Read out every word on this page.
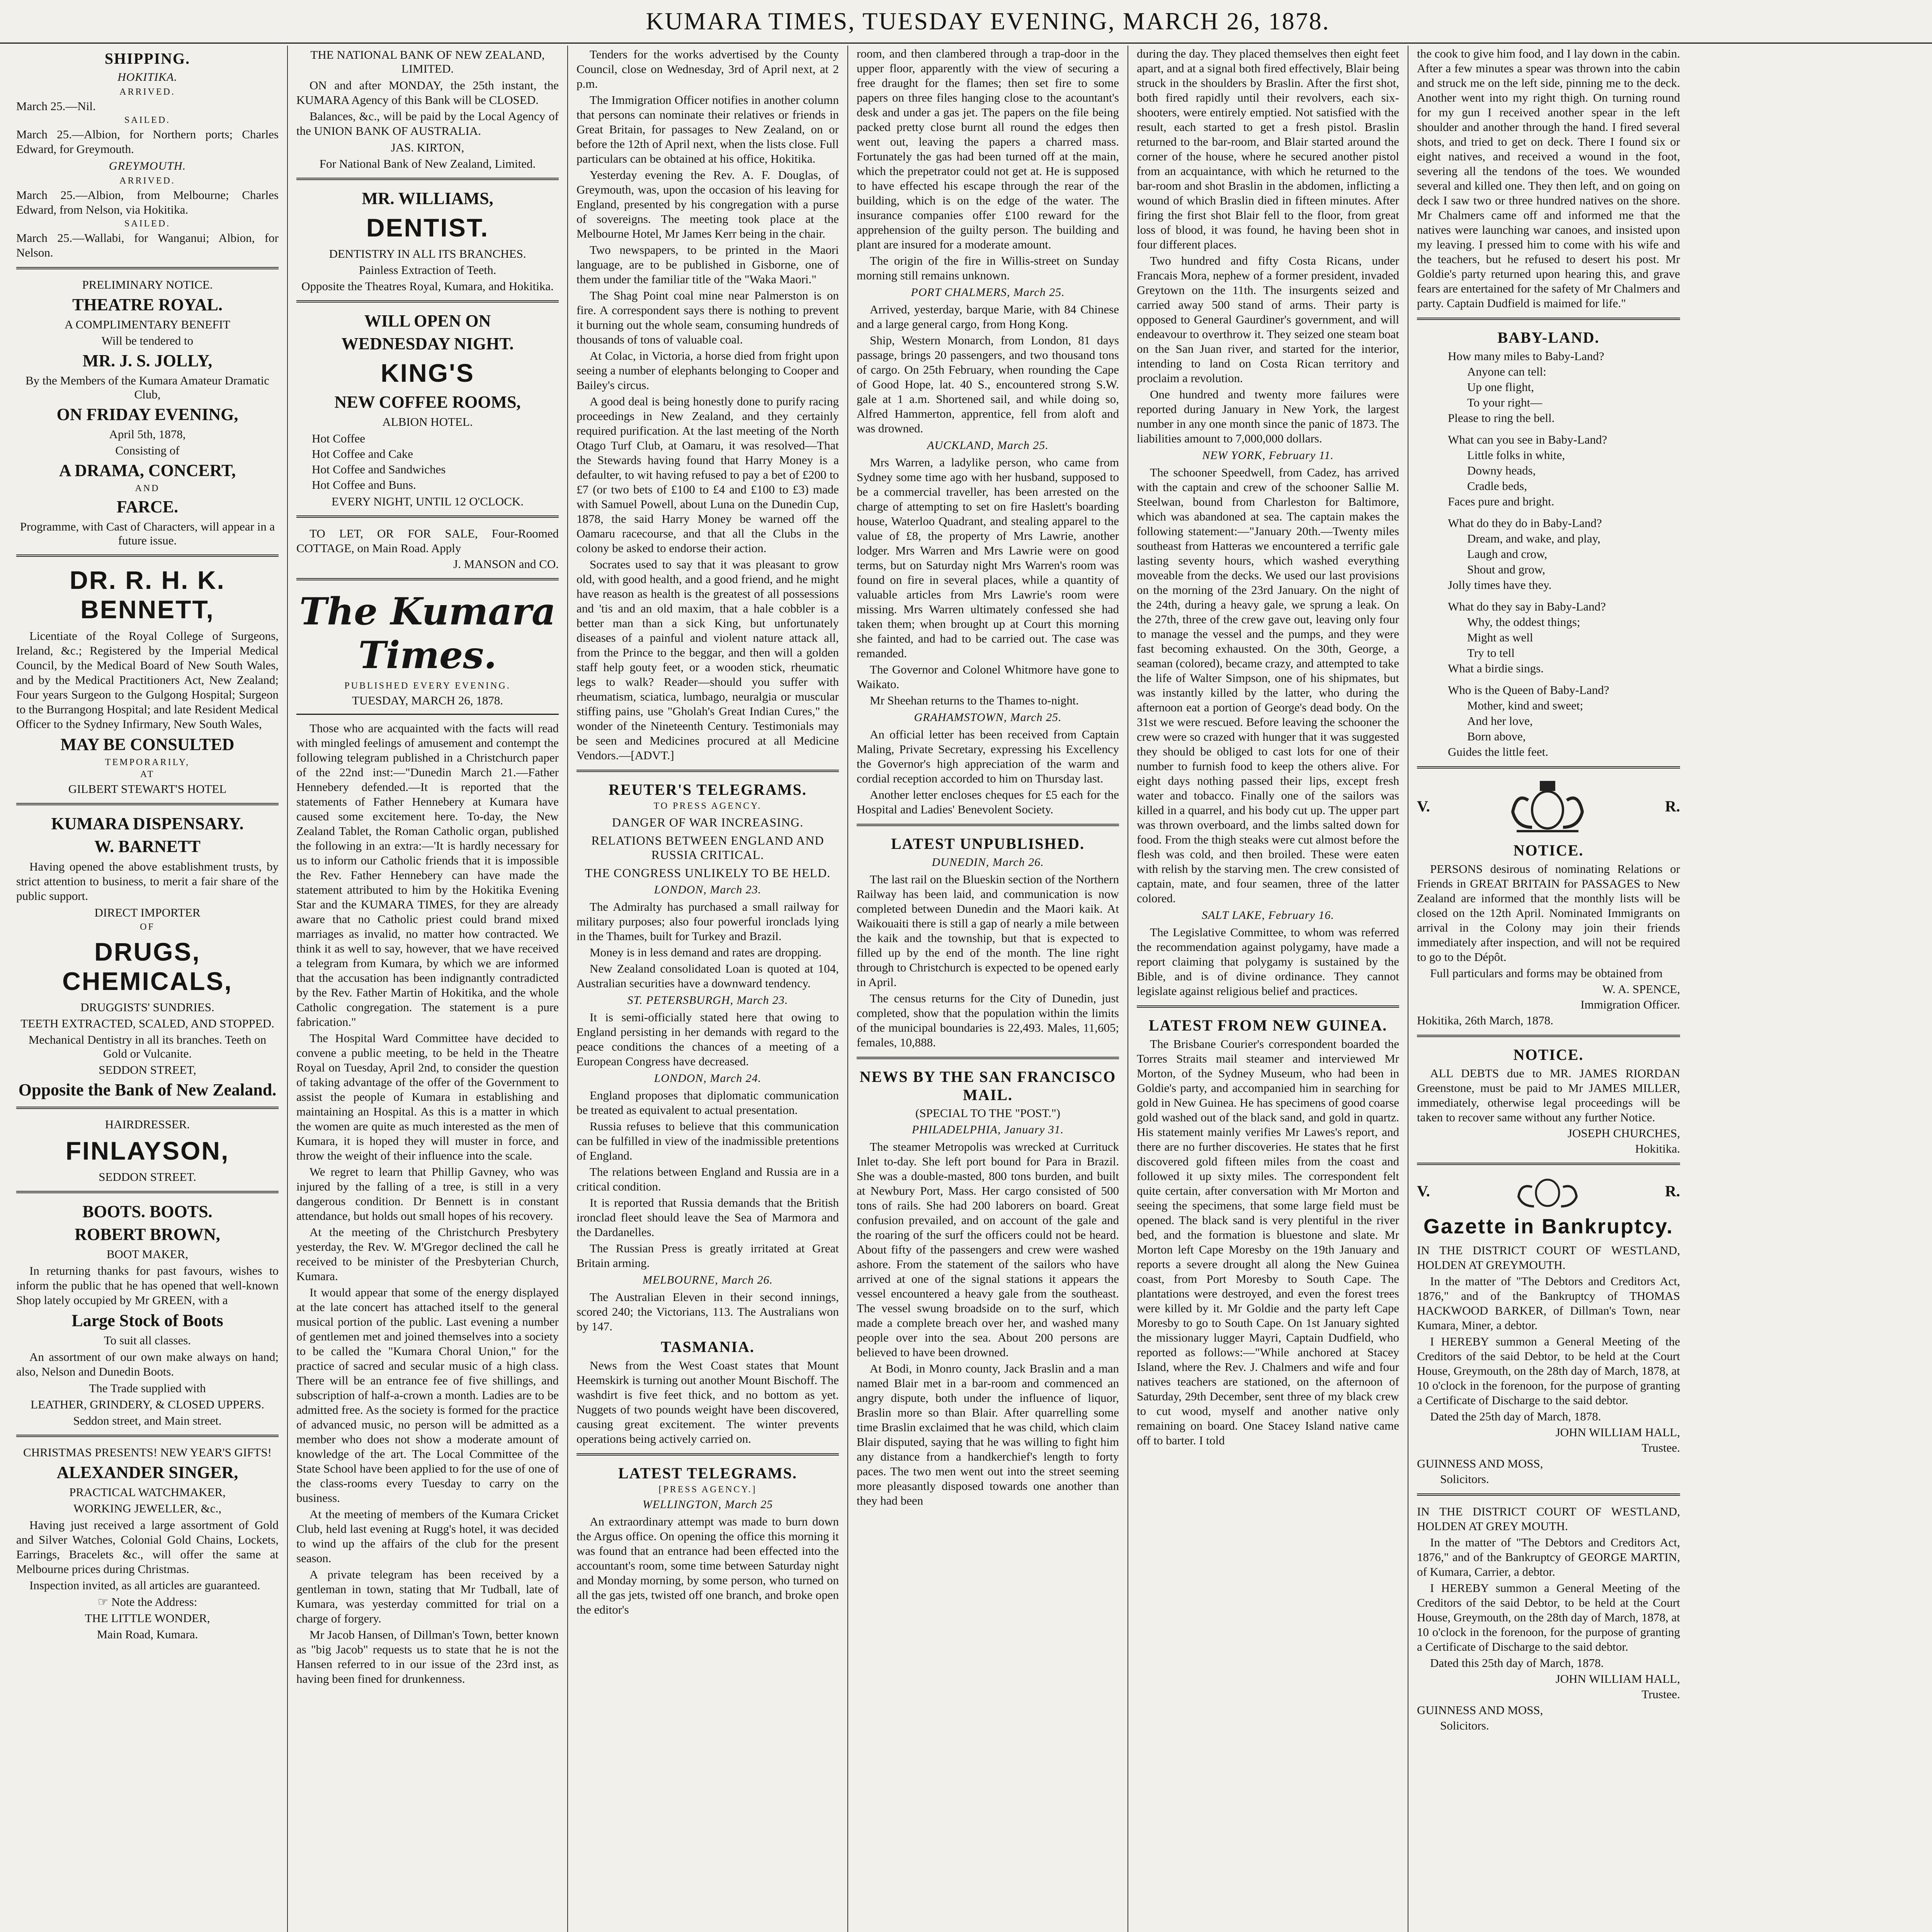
KUMARA TIMES, TUESDAY EVENING, MARCH 26, 1878.
SHIPPING.
HOKITIKA.
ARRIVED.
March 25.—Nil.
SAILED.
March 25.—Albion, for Northern ports; Charles Edward, for Greymouth.
GREYMOUTH.
ARRIVED.
March 25.—Albion, from Melbourne; Charles Edward, from Nelson, via Hokitika.
SAILED.
March 25.—Wallabi, for Wanganui; Albion, for Nelson.
PRELIMINARY NOTICE.
THEATRE ROYAL.
A COMPLIMENTARY BENEFIT
Will be tendered to
MR. J. S. JOLLY,
By the Members of the Kumara Amateur Dramatic Club,
ON FRIDAY EVENING,
April 5th, 1878,
Consisting of
A DRAMA, CONCERT,
AND
FARCE.
Programme, with Cast of Characters, will appear in a future issue.
DR. R. H. K. BENNETT,
Licentiate of the Royal College of Surgeons, Ireland, &c.; Registered by the Imperial Medical Council, by the Medical Board of New South Wales, and by the Medical Practitioners Act, New Zealand; Four years Surgeon to the Gulgong Hospital; Surgeon to the Burrangong Hospital; and late Resident Medical Officer to the Sydney Infirmary, New South Wales,
MAY BE CONSULTED
TEMPORARILY,
AT
GILBERT STEWART'S HOTEL
KUMARA DISPENSARY.
W. BARNETT
Having opened the above establishment trusts, by strict attention to business, to merit a fair share of the public support.
DIRECT IMPORTER
OF
DRUGS, CHEMICALS,
DRUGGISTS' SUNDRIES.
TEETH EXTRACTED, SCALED, AND STOPPED.
Mechanical Dentistry in all its branches. Teeth on Gold or Vulcanite.
SEDDON STREET,
Opposite the Bank of New Zealand.
HAIRDRESSER.
FINLAYSON,
SEDDON STREET.
BOOTS. BOOTS.
ROBERT BROWN,
BOOT MAKER,
In returning thanks for past favours, wishes to inform the public that he has opened that well-known Shop lately occupied by Mr GREEN, with a
Large Stock of Boots
To suit all classes.
An assortment of our own make always on hand; also, Nelson and Dunedin Boots.
The Trade supplied with
LEATHER, GRINDERY, & CLOSED UPPERS.
Seddon street, and Main street.
CHRISTMAS PRESENTS! NEW YEAR'S GIFTS!
ALEXANDER SINGER,
PRACTICAL WATCHMAKER,
WORKING JEWELLER, &c.,
Having just received a large assortment of Gold and Silver Watches, Colonial Gold Chains, Lockets, Earrings, Bracelets &c., will offer the same at Melbourne prices during Christmas.
Inspection invited, as all articles are guaranteed.
☞ Note the Address:
THE LITTLE WONDER,
Main Road, Kumara.
THE NATIONAL BANK OF NEW ZEALAND, LIMITED.
ON and after MONDAY, the 25th instant, the KUMARA Agency of this Bank will be CLOSED.
Balances, &c., will be paid by the Local Agency of the UNION BANK OF AUSTRALIA.
JAS. KIRTON,
For National Bank of New Zealand, Limited.
MR. WILLIAMS,
DENTIST.
DENTISTRY IN ALL ITS BRANCHES.
Painless Extraction of Teeth.
Opposite the Theatres Royal, Kumara, and Hokitika.
WILL OPEN ON
WEDNESDAY NIGHT.
KING'S
NEW COFFEE ROOMS,
ALBION HOTEL.
Hot Coffee
Hot Coffee and Cake
Hot Coffee and Sandwiches
Hot Coffee and Buns.
EVERY NIGHT, UNTIL 12 O'CLOCK.
TO LET, OR FOR SALE, Four-Roomed COTTAGE, on Main Road. Apply
J. MANSON and CO.
The Kumara Times.
PUBLISHED EVERY EVENING.
TUESDAY, MARCH 26, 1878.
Those who are acquainted with the facts will read with mingled feelings of amusement and contempt the following telegram published in a Christchurch paper of the 22nd inst:—"Dunedin March 21.—Father Hennebery defended.—It is reported that the statements of Father Hennebery at Kumara have caused some excitement here. To-day, the New Zealand Tablet, the Roman Catholic organ, published the following in an extra:—'It is hardly necessary for us to inform our Catholic friends that it is impossible the Rev. Father Hennebery can have made the statement attributed to him by the Hokitika Evening Star and the KUMARA TIMES, for they are already aware that no Catholic priest could brand mixed marriages as invalid, no matter how contracted. We think it as well to say, however, that we have received a telegram from Kumara, by which we are informed that the accusation has been indignantly contradicted by the Rev. Father Martin of Hokitika, and the whole Catholic congregation. The statement is a pure fabrication."
The Hospital Ward Committee have decided to convene a public meeting, to be held in the Theatre Royal on Tuesday, April 2nd, to consider the question of taking advantage of the offer of the Government to assist the people of Kumara in establishing and maintaining an Hospital. As this is a matter in which the women are quite as much interested as the men of Kumara, it is hoped they will muster in force, and throw the weight of their influence into the scale.
We regret to learn that Phillip Gavney, who was injured by the falling of a tree, is still in a very dangerous condition. Dr Bennett is in constant attendance, but holds out small hopes of his recovery.
At the meeting of the Christchurch Presbytery yesterday, the Rev. W. M'Gregor declined the call he received to be minister of the Presbyterian Church, Kumara.
It would appear that some of the energy displayed at the late concert has attached itself to the general musical portion of the public. Last evening a number of gentlemen met and joined themselves into a society to be called the "Kumara Choral Union," for the practice of sacred and secular music of a high class. There will be an entrance fee of five shillings, and subscription of half-a-crown a month. Ladies are to be admitted free. As the society is formed for the practice of advanced music, no person will be admitted as a member who does not show a moderate amount of knowledge of the art. The Local Committee of the State School have been applied to for the use of one of the class-rooms every Tuesday to carry on the business.
At the meeting of members of the Kumara Cricket Club, held last evening at Rugg's hotel, it was decided to wind up the affairs of the club for the present season.
A private telegram has been received by a gentleman in town, stating that Mr Tudball, late of Kumara, was yesterday committed for trial on a charge of forgery.
Mr Jacob Hansen, of Dillman's Town, better known as "big Jacob" requests us to state that he is not the Hansen referred to in our issue of the 23rd inst, as having been fined for drunkenness.
Tenders for the works advertised by the County Council, close on Wednesday, 3rd of April next, at 2 p.m.
The Immigration Officer notifies in another column that persons can nominate their relatives or friends in Great Britain, for passages to New Zealand, on or before the 12th of April next, when the lists close. Full particulars can be obtained at his office, Hokitika.
Yesterday evening the Rev. A. F. Douglas, of Greymouth, was, upon the occasion of his leaving for England, presented by his congregation with a purse of sovereigns. The meeting took place at the Melbourne Hotel, Mr James Kerr being in the chair.
Two newspapers, to be printed in the Maori language, are to be published in Gisborne, one of them under the familiar title of the "Waka Maori."
The Shag Point coal mine near Palmerston is on fire. A correspondent says there is nothing to prevent it burning out the whole seam, consuming hundreds of thousands of tons of valuable coal.
At Colac, in Victoria, a horse died from fright upon seeing a number of elephants belonging to Cooper and Bailey's circus.
A good deal is being honestly done to purify racing proceedings in New Zealand, and they certainly required purification. At the last meeting of the North Otago Turf Club, at Oamaru, it was resolved—That the Stewards having found that Harry Money is a defaulter, to wit having refused to pay a bet of £200 to £7 (or two bets of £100 to £4 and £100 to £3) made with Samuel Powell, about Luna on the Dunedin Cup, 1878, the said Harry Money be warned off the Oamaru racecourse, and that all the Clubs in the colony be asked to endorse their action.
Socrates used to say that it was pleasant to grow old, with good health, and a good friend, and he might have reason as health is the greatest of all possessions and 'tis and an old maxim, that a hale cobbler is a better man than a sick King, but unfortunately diseases of a painful and violent nature attack all, from the Prince to the beggar, and then will a golden staff help gouty feet, or a wooden stick, rheumatic legs to walk? Reader—should you suffer with rheumatism, sciatica, lumbago, neuralgia or muscular stiffing pains, use "Gholah's Great Indian Cures," the wonder of the Nineteenth Century. Testimonials may be seen and Medicines procured at all Medicine Vendors.—[ADVT.]
REUTER'S TELEGRAMS.
TO PRESS AGENCY.
DANGER OF WAR INCREASING.
RELATIONS BETWEEN ENGLAND AND RUSSIA CRITICAL.
THE CONGRESS UNLIKELY TO BE HELD.
LONDON, March 23.
The Admiralty has purchased a small railway for military purposes; also four powerful ironclads lying in the Thames, built for Turkey and Brazil.
Money is in less demand and rates are dropping.
New Zealand consolidated Loan is quoted at 104, Australian securities have a downward tendency.
ST. PETERSBURGH, March 23.
It is semi-officially stated here that owing to England persisting in her demands with regard to the peace conditions the chances of a meeting of a European Congress have decreased.
LONDON, March 24.
England proposes that diplomatic communication be treated as equivalent to actual presentation.
Russia refuses to believe that this communication can be fulfilled in view of the inadmissible pretentions of England.
The relations between England and Russia are in a critical condition.
It is reported that Russia demands that the British ironclad fleet should leave the Sea of Marmora and the Dardanelles.
The Russian Press is greatly irritated at Great Britain arming.
MELBOURNE, March 26.
The Australian Eleven in their second innings, scored 240; the Victorians, 113. The Australians won by 147.
TASMANIA.
News from the West Coast states that Mount Heemskirk is turning out another Mount Bischoff. The washdirt is five feet thick, and no bottom as yet. Nuggets of two pounds weight have been discovered, causing great excitement. The winter prevents operations being actively carried on.
LATEST TELEGRAMS.
[PRESS AGENCY.]
WELLINGTON, March 25
An extraordinary attempt was made to burn down the Argus office. On opening the office this morning it was found that an entrance had been effected into the accountant's room, some time between Saturday night and Monday morning, by some person, who turned on all the gas jets, twisted off one branch, and broke open the editor's
room, and then clambered through a trap-door in the upper floor, apparently with the view of securing a free draught for the flames; then set fire to some papers on three files hanging close to the acountant's desk and under a gas jet. The papers on the file being packed pretty close burnt all round the edges then went out, leaving the papers a charred mass. Fortunately the gas had been turned off at the main, which the prepetrator could not get at. He is supposed to have effected his escape through the rear of the building, which is on the edge of the water. The insurance companies offer £100 reward for the apprehension of the guilty person. The building and plant are insured for a moderate amount.
The origin of the fire in Willis-street on Sunday morning still remains unknown.
PORT CHALMERS, March 25.
Arrived, yesterday, barque Marie, with 84 Chinese and a large general cargo, from Hong Kong.
Ship, Western Monarch, from London, 81 days passage, brings 20 passengers, and two thousand tons of cargo. On 25th February, when rounding the Cape of Good Hope, lat. 40 S., encountered strong S.W. gale at 1 a.m. Shortened sail, and while doing so, Alfred Hammerton, apprentice, fell from aloft and was drowned.
AUCKLAND, March 25.
Mrs Warren, a ladylike person, who came from Sydney some time ago with her husband, supposed to be a commercial traveller, has been arrested on the charge of attempting to set on fire Haslett's boarding house, Waterloo Quadrant, and stealing apparel to the value of £8, the property of Mrs Lawrie, another lodger. Mrs Warren and Mrs Lawrie were on good terms, but on Saturday night Mrs Warren's room was found on fire in several places, while a quantity of valuable articles from Mrs Lawrie's room were missing. Mrs Warren ultimately confessed she had taken them; when brought up at Court this morning she fainted, and had to be carried out. The case was remanded.
The Governor and Colonel Whitmore have gone to Waikato.
Mr Sheehan returns to the Thames to-night.
GRAHAMSTOWN, March 25.
An official letter has been received from Captain Maling, Private Secretary, expressing his Excellency the Governor's high appreciation of the warm and cordial reception accorded to him on Thursday last.
Another letter encloses cheques for £5 each for the Hospital and Ladies' Benevolent Society.
LATEST UNPUBLISHED.
DUNEDIN, March 26.
The last rail on the Blueskin section of the Northern Railway has been laid, and communication is now completed between Dunedin and the Maori kaik. At Waikouaiti there is still a gap of nearly a mile between the kaik and the township, but that is expected to filled up by the end of the month. The line right through to Christchurch is expected to be opened early in April.
The census returns for the City of Dunedin, just completed, show that the population within the limits of the municipal boundaries is 22,493. Males, 11,605; females, 10,888.
NEWS BY THE SAN FRANCISCO MAIL.
(SPECIAL TO THE "POST.")
PHILADELPHIA, January 31.
The steamer Metropolis was wrecked at Currituck Inlet to-day. She left port bound for Para in Brazil. She was a double-masted, 800 tons burden, and built at Newbury Port, Mass. Her cargo consisted of 500 tons of rails. She had 200 laborers on board. Great confusion prevailed, and on account of the gale and the roaring of the surf the officers could not be heard. About fifty of the passengers and crew were washed ashore. From the statement of the sailors who have arrived at one of the signal stations it appears the vessel encountered a heavy gale from the southeast. The vessel swung broadside on to the surf, which made a complete breach over her, and washed many people over into the sea. About 200 persons are believed to have been drowned.
At Bodi, in Monro county, Jack Braslin and a man named Blair met in a bar-room and commenced an angry dispute, both under the influence of liquor, Braslin more so than Blair. After quarrelling some time Braslin exclaimed that he was child, which claim Blair disputed, saying that he was willing to fight him any distance from a handkerchief's length to forty paces. The two men went out into the street seeming more pleasantly disposed towards one another than they had been
during the day. They placed themselves then eight feet apart, and at a signal both fired effectively, Blair being struck in the shoulders by Braslin. After the first shot, both fired rapidly until their revolvers, each six-shooters, were entirely emptied. Not satisfied with the result, each started to get a fresh pistol. Braslin returned to the bar-room, and Blair started around the corner of the house, where he secured another pistol from an acquaintance, with which he returned to the bar-room and shot Braslin in the abdomen, inflicting a wound of which Braslin died in fifteen minutes. After firing the first shot Blair fell to the floor, from great loss of blood, it was found, he having been shot in four different places.
Two hundred and fifty Costa Ricans, under Francais Mora, nephew of a former president, invaded Greytown on the 11th. The insurgents seized and carried away 500 stand of arms. Their party is opposed to General Gaurdiner's government, and will endeavour to overthrow it. They seized one steam boat on the San Juan river, and started for the interior, intending to land on Costa Rican territory and proclaim a revolution.
One hundred and twenty more failures were reported during January in New York, the largest number in any one month since the panic of 1873. The liabilities amount to 7,000,000 dollars.
NEW YORK, February 11.
The schooner Speedwell, from Cadez, has arrived with the captain and crew of the schooner Sallie M. Steelwan, bound from Charleston for Baltimore, which was abandoned at sea. The captain makes the following statement:—"January 20th.—Twenty miles southeast from Hatteras we encountered a terrific gale lasting seventy hours, which washed everything moveable from the decks. We used our last provisions on the morning of the 23rd January. On the night of the 24th, during a heavy gale, we sprung a leak. On the 27th, three of the crew gave out, leaving only four to manage the vessel and the pumps, and they were fast becoming exhausted. On the 30th, George, a seaman (colored), became crazy, and attempted to take the life of Walter Simpson, one of his shipmates, but was instantly killed by the latter, who during the afternoon eat a portion of George's dead body. On the 31st we were rescued. Before leaving the schooner the crew were so crazed with hunger that it was suggested they should be obliged to cast lots for one of their number to furnish food to keep the others alive. For eight days nothing passed their lips, except fresh water and tobacco. Finally one of the sailors was killed in a quarrel, and his body cut up. The upper part was thrown overboard, and the limbs salted down for food. From the thigh steaks were cut almost before the flesh was cold, and then broiled. These were eaten with relish by the starving men. The crew consisted of captain, mate, and four seamen, three of the latter colored.
SALT LAKE, February 16.
The Legislative Committee, to whom was referred the recommendation against polygamy, have made a report claiming that polygamy is sustained by the Bible, and is of divine ordinance. They cannot legislate against religious belief and practices.
LATEST FROM NEW GUINEA.
The Brisbane Courier's correspondent boarded the Torres Straits mail steamer and interviewed Mr Morton, of the Sydney Museum, who had been in Goldie's party, and accompanied him in searching for gold in New Guinea. He has specimens of good coarse gold washed out of the black sand, and gold in quartz. His statement mainly verifies Mr Lawes's report, and there are no further discoveries. He states that he first discovered gold fifteen miles from the coast and followed it up sixty miles. The correspondent felt quite certain, after conversation with Mr Morton and seeing the specimens, that some large field must be opened. The black sand is very plentiful in the river bed, and the formation is bluestone and slate. Mr Morton left Cape Moresby on the 19th January and reports a severe drought all along the New Guinea coast, from Port Moresby to South Cape. The plantations were destroyed, and even the forest trees were killed by it. Mr Goldie and the party left Cape Moresby to go to South Cape. On 1st January sighted the missionary lugger Mayri, Captain Dudfield, who reported as follows:—"While anchored at Stacey Island, where the Rev. J. Chalmers and wife and four natives teachers are stationed, on the afternoon of Saturday, 29th December, sent three of my black crew to cut wood, myself and another native only remaining on board. One Stacey Island native came off to barter. I told
the cook to give him food, and I lay down in the cabin. After a few minutes a spear was thrown into the cabin and struck me on the left side, pinning me to the deck. Another went into my right thigh. On turning round for my gun I received another spear in the left shoulder and another through the hand. I fired several shots, and tried to get on deck. There I found six or eight natives, and received a wound in the foot, severing all the tendons of the toes. We wounded several and killed one. They then left, and on going on deck I saw two or three hundred natives on the shore. Mr Chalmers came off and informed me that the natives were launching war canoes, and insisted upon my leaving. I pressed him to come with his wife and the teachers, but he refused to desert his post. Mr Goldie's party returned upon hearing this, and grave fears are entertained for the safety of Mr Chalmers and party. Captain Dudfield is maimed for life."
BABY-LAND.
How many miles to Baby-Land?
Anyone can tell:
Up one flight,
To your right—
Please to ring the bell.
What can you see in Baby-Land?
Little folks in white,
Downy heads,
Cradle beds,
Faces pure and bright.
What do they do in Baby-Land?
Dream, and wake, and play,
Laugh and crow,
Shout and grow,
Jolly times have they.
What do they say in Baby-Land?
Why, the oddest things;
Might as well
Try to tell
What a birdie sings.
Who is the Queen of Baby-Land?
Mother, kind and sweet;
And her love,
Born above,
Guides the little feet.
V.	R.
NOTICE.
PERSONS desirous of nominating Relations or Friends in GREAT BRITAIN for PASSAGES to New Zealand are informed that the monthly lists will be closed on the 12th April. Nominated Immigrants on arrival in the Colony may join their friends immediately after inspection, and will not be required to go to the Dépôt.
Full particulars and forms may be obtained from
W. A. SPENCE,
Immigration Officer.
Hokitika, 26th March, 1878.
NOTICE.
ALL DEBTS due to MR. JAMES RIORDAN Greenstone, must be paid to Mr JAMES MILLER, immediately, otherwise legal proceedings will be taken to recover same without any further Notice.
JOSEPH CHURCHES,
Hokitika.
V.	R.
Gazette in Bankruptcy.
IN THE DISTRICT COURT OF WESTLAND, HOLDEN AT GREYMOUTH.
In the matter of "The Debtors and Creditors Act, 1876," and of the Bankruptcy of THOMAS HACKWOOD BARKER, of Dillman's Town, near Kumara, Miner, a debtor.
I HEREBY summon a General Meeting of the Creditors of the said Debtor, to be held at the Court House, Greymouth, on the 28th day of March, 1878, at 10 o'clock in the forenoon, for the purpose of granting a Certificate of Discharge to the said debtor.
Dated the 25th day of March, 1878.
JOHN WILLIAM HALL,
Trustee.
GUINNESS AND MOSS,
Solicitors.
IN THE DISTRICT COURT OF WESTLAND, HOLDEN AT GREY MOUTH.
In the matter of "The Debtors and Creditors Act, 1876," and of the Bankruptcy of GEORGE MARTIN, of Kumara, Carrier, a debtor.
I HEREBY summon a General Meeting of the Creditors of the said Debtor, to be held at the Court House, Greymouth, on the 28th day of March, 1878, at 10 o'clock in the forenoon, for the purpose of granting a Certificate of Discharge to the said debtor.
Dated this 25th day of March, 1878.
JOHN WILLIAM HALL,
Trustee.
GUINNESS AND MOSS,
Solicitors.
